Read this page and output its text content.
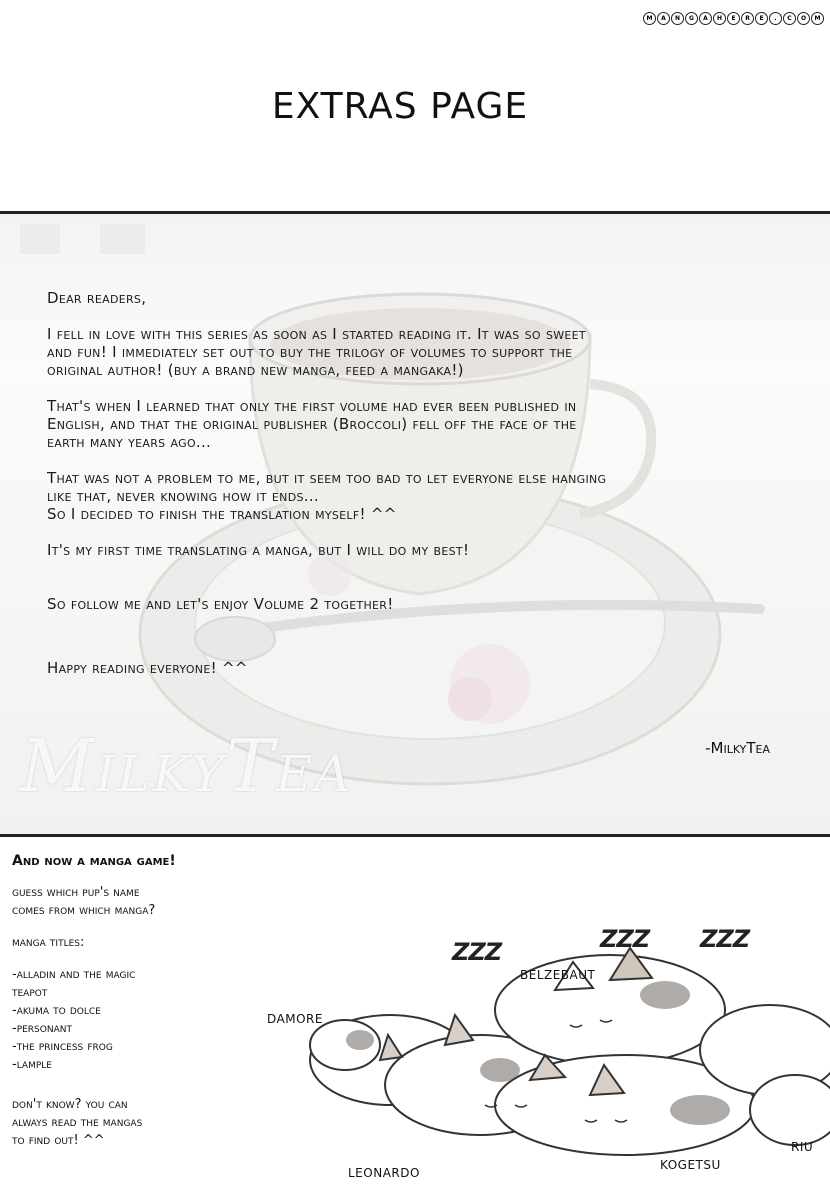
M	A	N	G	A	H	E	R	E	.	C	O	M
EXTRAS PAGE

Dear readers,

I fell in love with this series as soon as I started reading it. It was so sweet
and fun! I immediately set out to buy the trilogy of volumes to support the
original author! (buy a brand new manga, feed a mangaka!)

That's when I learned that only the first volume had ever been published in
English, and that the original publisher (Broccoli) fell off the face of the
earth many years ago...

That was not a problem to me, but it seem too bad to let everyone else hanging
like that, never knowing how it ends...
So I decided to finish the translation myself! ^^

It's my first time translating a manga, but I will do my best!

So follow me and let's enjoy Volume 2 together!

Happy reading everyone! ^^

MilkyTea	-MilkyTea
And now a manga game!

guess which pup's name
comes from which manga?

manga titles:

-alladin and the magic
teapot
-akuma to dolce
-personant
-the princess frog
-lample

don't know? you can
always read the mangas
to find out! ^^

ZZZ	ZZZ ZZZ
BELZEBAUT
DAMORE
LEONARDO
KOGETSU
RIU
